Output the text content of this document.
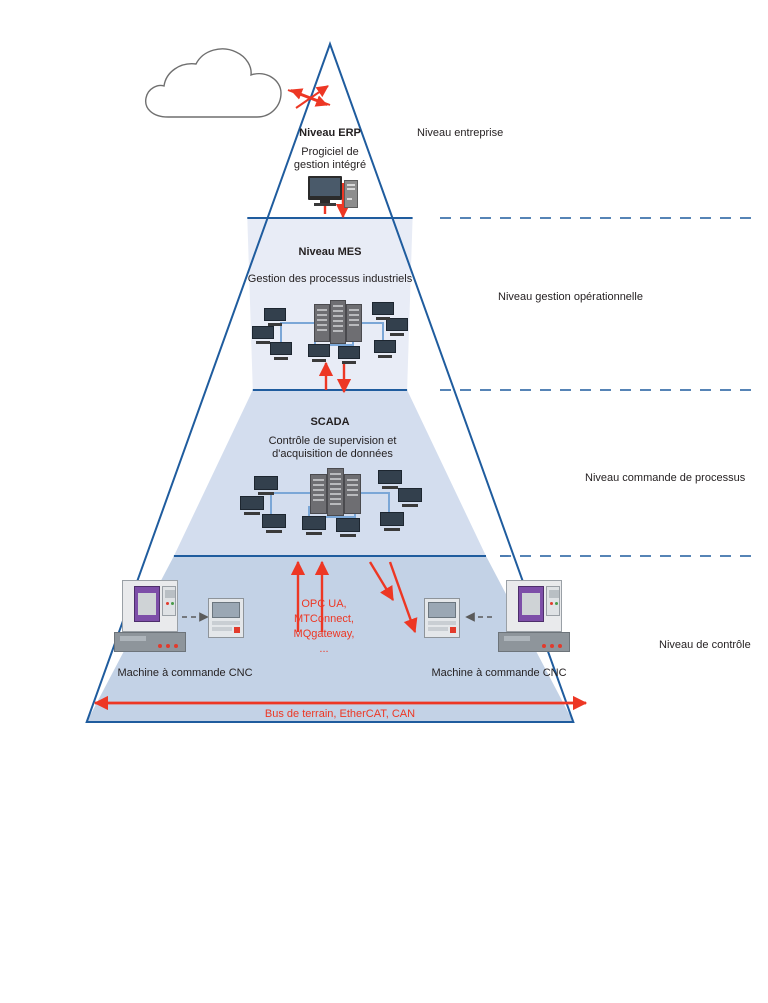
Niveau ERP
Progiciel de
gestion intégré
Niveau MES
Gestion des processus industriels
SCADA
Contrôle de supervision et
d'acquisition de données
OPC UA,
MTConnect,
MQgateway,
...
Machine à commande CNC	Machine à commande CNC
Bus de terrain, EtherCAT, CAN
Niveau entreprise
Niveau gestion opérationnelle
Niveau commande de processus
Niveau de contrôle
